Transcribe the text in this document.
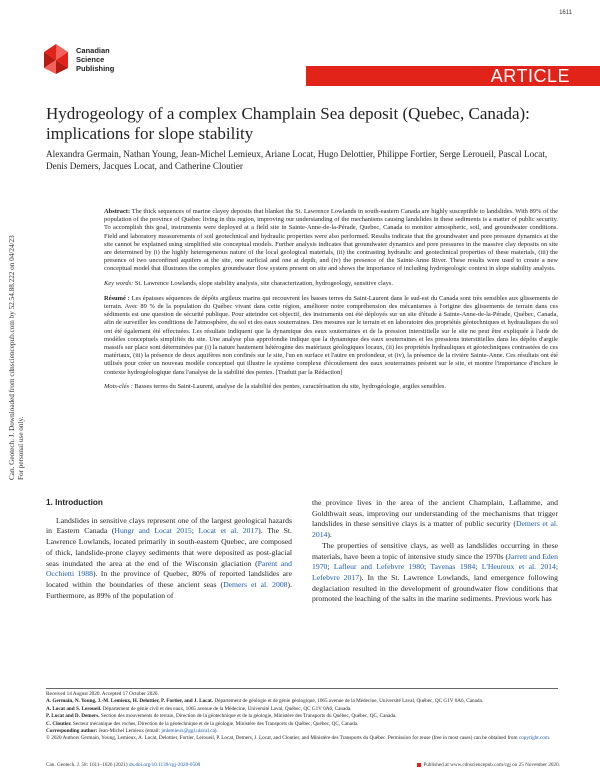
1611
Canadian
Science
Publishing	ARTICLE
Hydrogeology of a complex Champlain Sea deposit (Quebec, Canada): implications for slope stability
Alexandra Germain, Nathan Young, Jean-Michel Lemieux, Ariane Locat, Hugo Delottier, Philippe Fortier, Serge Leroueil, Pascal Locat, Denis Demers, Jacques Locat, and Catherine Cloutier
Can. Geotech. J. Downloaded from cdnsciencepub.com by 52.54.88.222 on 04/24/23 For personal use only.

Abstract: The thick sequences of marine clayey deposits that blanket the St. Lawrence Lowlands in south-eastern Canada are highly susceptible to landslides. With 89% of the population of the province of Quebec living in this region, improving our understanding of the mechanisms causing landslides in these sediments is a matter of public security. To accomplish this goal, instruments were deployed at a field site in Sainte-Anne-de-la-Pérade, Quebec, Canada to monitor atmospheric, soil, and groundwater conditions. Field and laboratory measurements of soil geotechnical and hydraulic properties were also performed. Results indicate that the groundwater and pore pressure dynamics at the site cannot be explained using simplified site conceptual models. Further analysis indicates that groundwater dynamics and pore pressures in the massive clay deposits on site are determined by (i) the highly heterogeneous nature of the local geological materials, (ii) the contrasting hydraulic and geotechnical properties of these materials, (iii) the presence of two unconfined aquifers at the site, one surficial and one at depth, and (iv) the presence of the Sainte-Anne River. These results were used to create a new conceptual model that illustrates the complex groundwater flow system present on site and shows the importance of including hydrogeologic context in slope stability analysis.

Key words: St. Lawrence Lowlands, slope stability analysis, site characterization, hydrogeology, sensitive clays.

Résumé : Les épaisses séquences de dépôts argileux marins qui recouvrent les basses terres du Saint-Laurent dans le sud-est du Canada sont très sensibles aux glissements de terrain. Avec 89 % de la population du Québec vivant dans cette région, améliorer notre compréhension des mécanismes à l'origine des glissements de terrain dans ces sédiments est une question de sécurité publique. Pour atteindre cet objectif, des instruments ont été déployés sur un site d'étude à Sainte-Anne-de-la-Pérade, Québec, Canada, afin de surveiller les conditions de l'atmosphère, du sol et des eaux souterraines. Des mesures sur le terrain et en laboratoire des propriétés géotechniques et hydrauliques du sol ont été également été effectuées. Les résultats indiquent que la dynamique des eaux souterraines et de la pression interstitielle sur le site ne peut être expliquée à l'aide de modèles conceptuels simplifiés du site. Une analyse plus approfondie indique que la dynamique des eaux souterraines et les pressions interstitielles dans les dépôts d'argile massifs sur place sont déterminées par (i) la nature hautement hétérogène des matériaux géologiques locaux, (ii) les propriétés hydrauliques et géotechniques contrastées de ces matériaux, (iii) la présence de deux aquifères non confinés sur le site, l'un en surface et l'autre en profondeur, et (iv), la présence de la rivière Sainte-Anne. Ces résultats ont été utilisés pour créer un nouveau modèle conceptuel qui illustre le système complexe d'écoulement des eaux souterraines présent sur le site, et montre l'importance d'inclure le contexte hydrogéologique dans l'analyse de la stabilité des pentes. [Traduit par la Rédaction]

Mots-clés : Basses terres du Saint-Laurent, analyse de la stabilité des pentes, caractérisation du site, hydrogéologie, argiles sensibles.

1. Introduction

Landslides in sensitive clays represent one of the largest geological hazards in Eastern Canada (Hungr and Locat 2015; Locat et al. 2017). The St. Lawrence Lowlands, located primarily in south-eastern Quebec, are composed of thick, landslide-prone clayey sediments that were deposited as post-glacial seas inundated the area at the end of the Wisconsin glaciation (Parent and Occhietti 1988). In the province of Quebec, 80% of reported landslides are located within the boundaries of these ancient seas (Demers et al. 2008). Furthermore, as 89% of the population of

the province lives in the area of the ancient Champlain, Laflamme, and Goldthwait seas, improving our understanding of the mechanisms that trigger landslides in these sensitive clays is a matter of public security (Demers et al. 2014).

The properties of sensitive clays, as well as landslides occurring in these materials, have been a topic of intensive study since the 1970s (Jarrett and Eden 1970; Lafleur and Lefebvre 1980; Tavenas 1984; L'Heureux et al. 2014; Lefebvre 2017). In the St. Lawrence Lowlands, land emergence following deglaciation resulted in the development of groundwater flow conditions that promoted the leaching of the salts in the marine sediments. Previous work has

Received 14 August 2020. Accepted 17 October 2020.
A. Germain, N. Young, J.-M. Lemieux, H. Delottier, P. Fortier, and J. Locat. Département de géologie et de génie géologique, 1065 avenue de la Médecine, Université Laval, Québec, QC G1V 0A6, Canada.
A. Locat and S. Leroueil. Département de génie civil et des eaux, 1065 avenue de la Médecine, Université Laval, Québec, QC G1V 0A6, Canada.
P. Locat and D. Demers. Section des mouvements de terrain, Direction de la géotechnique et de la géologie, Ministère des Transports du Québec, Québec, QC, Canada.
C. Cloutier. Secteur mécanique des roches, Direction de la géotechnique et de la géologie, Ministère des Transports du Québec, Québec, QC, Canada.
Corresponding author: Jean-Michel Lemieux (email: jmlemieux@ggl.ulaval.ca).
© 2020 Authors Germain, Young, Lemieux, A. Locat, Delottier, Fortier, Leroueil, P. Locat, Demers, J. Locat, and Cloutier, and Ministère des Transports du Québec. Permission for reuse (free in most cases) can be obtained from copyright.com.
Can. Geotech. J. 58: 1611–1626 (2021) dx.doi.org/10.1139/cgj-2020-0500	Published at www.cdnsciencepub.com/cgj on 25 November 2020.
